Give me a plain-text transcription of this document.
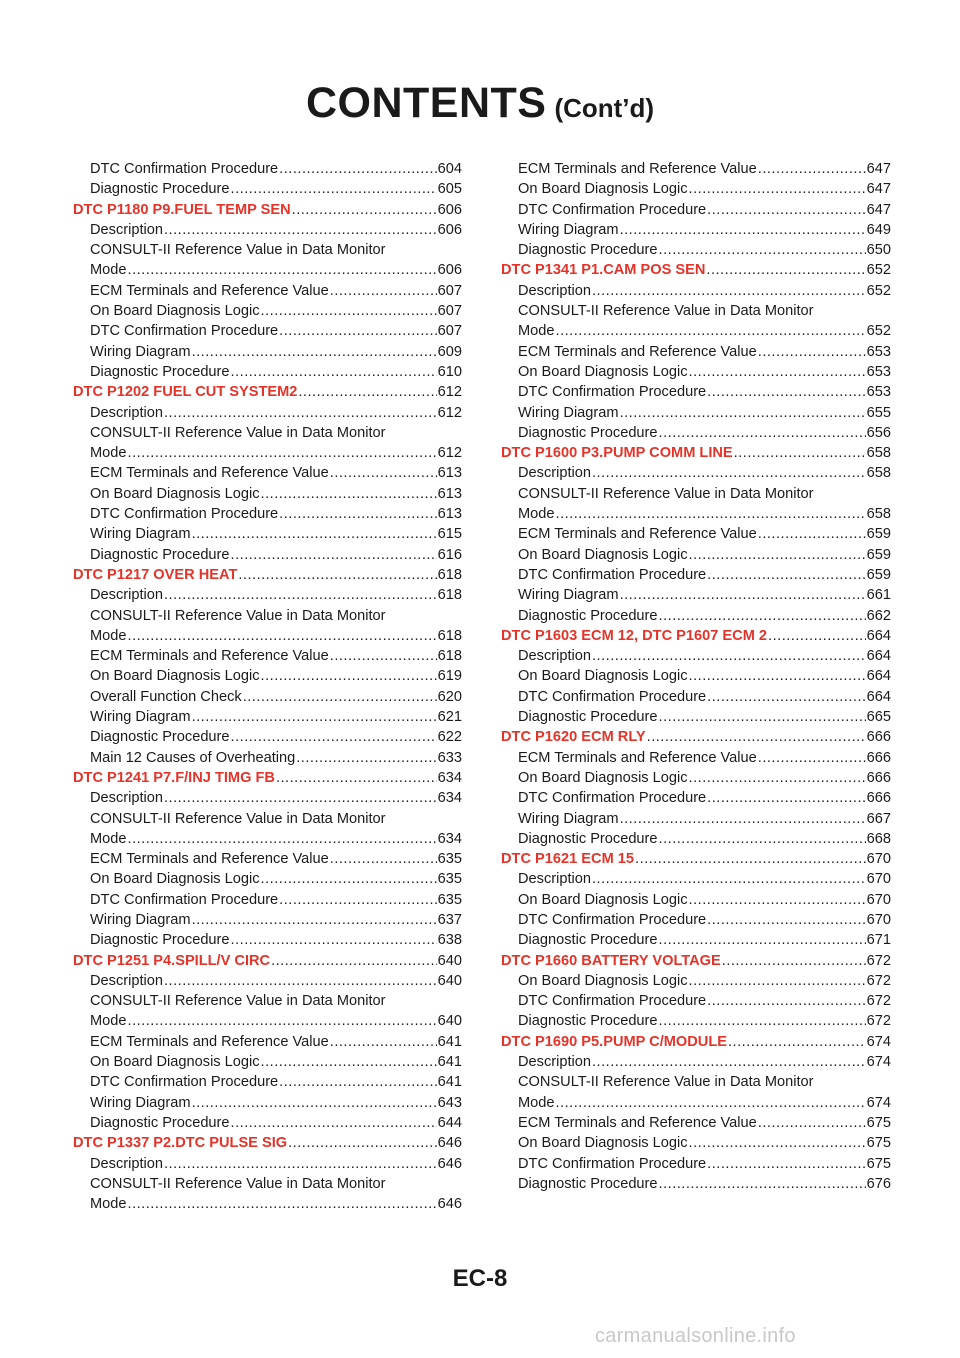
CONTENTS (Cont’d)
DTC Confirmation Procedure .....	604
Diagnostic Procedure .....	605
DTC P1180 P9.FUEL TEMP SEN .....	606
Description .....	606
CONSULT-II Reference Value in Data Monitor
Mode .....	606
ECM Terminals and Reference Value .....	607
On Board Diagnosis Logic .....	607
DTC Confirmation Procedure .....	607
Wiring Diagram .....	609
Diagnostic Procedure .....	610
DTC P1202 FUEL CUT SYSTEM2 .....	612
Description .....	612
CONSULT-II Reference Value in Data Monitor
Mode .....	612
ECM Terminals and Reference Value .....	613
On Board Diagnosis Logic .....	613
DTC Confirmation Procedure .....	613
Wiring Diagram .....	615
Diagnostic Procedure .....	616
DTC P1217 OVER HEAT .....	618
Description .....	618
CONSULT-II Reference Value in Data Monitor
Mode .....	618
ECM Terminals and Reference Value .....	618
On Board Diagnosis Logic .....	619
Overall Function Check .....	620
Wiring Diagram .....	621
Diagnostic Procedure .....	622
Main 12 Causes of Overheating .....	633
DTC P1241 P7.F/INJ TIMG FB .....	634
Description .....	634
CONSULT-II Reference Value in Data Monitor
Mode .....	634
ECM Terminals and Reference Value .....	635
On Board Diagnosis Logic .....	635
DTC Confirmation Procedure .....	635
Wiring Diagram .....	637
Diagnostic Procedure .....	638
DTC P1251 P4.SPILL/V CIRC .....	640
Description .....	640
CONSULT-II Reference Value in Data Monitor
Mode .....	640
ECM Terminals and Reference Value .....	641
On Board Diagnosis Logic .....	641
DTC Confirmation Procedure .....	641
Wiring Diagram .....	643
Diagnostic Procedure .....	644
DTC P1337 P2.DTC PULSE SIG .....	646
Description .....	646
CONSULT-II Reference Value in Data Monitor
Mode .....	646
ECM Terminals and Reference Value .....	647
On Board Diagnosis Logic .....	647
DTC Confirmation Procedure .....	647
Wiring Diagram .....	649
Diagnostic Procedure .....	650
DTC P1341 P1.CAM POS SEN .....	652
Description .....	652
CONSULT-II Reference Value in Data Monitor
Mode .....	652
ECM Terminals and Reference Value .....	653
On Board Diagnosis Logic .....	653
DTC Confirmation Procedure .....	653
Wiring Diagram .....	655
Diagnostic Procedure .....	656
DTC P1600 P3.PUMP COMM LINE .....	658
Description .....	658
CONSULT-II Reference Value in Data Monitor
Mode .....	658
ECM Terminals and Reference Value .....	659
On Board Diagnosis Logic .....	659
DTC Confirmation Procedure .....	659
Wiring Diagram .....	661
Diagnostic Procedure .....	662
DTC P1603 ECM 12, DTC P1607 ECM 2 .....	664
Description .....	664
On Board Diagnosis Logic .....	664
DTC Confirmation Procedure .....	664
Diagnostic Procedure .....	665
DTC P1620 ECM RLY .....	666
ECM Terminals and Reference Value .....	666
On Board Diagnosis Logic .....	666
DTC Confirmation Procedure .....	666
Wiring Diagram .....	667
Diagnostic Procedure .....	668
DTC P1621 ECM 15 .....	670
Description .....	670
On Board Diagnosis Logic .....	670
DTC Confirmation Procedure .....	670
Diagnostic Procedure .....	671
DTC P1660 BATTERY VOLTAGE .....	672
On Board Diagnosis Logic .....	672
DTC Confirmation Procedure .....	672
Diagnostic Procedure .....	672
DTC P1690 P5.PUMP C/MODULE .....	674
Description .....	674
CONSULT-II Reference Value in Data Monitor
Mode .....	674
ECM Terminals and Reference Value .....	675
On Board Diagnosis Logic .....	675
DTC Confirmation Procedure .....	675
Diagnostic Procedure .....	676
EC-8
carmanualsonline.info
